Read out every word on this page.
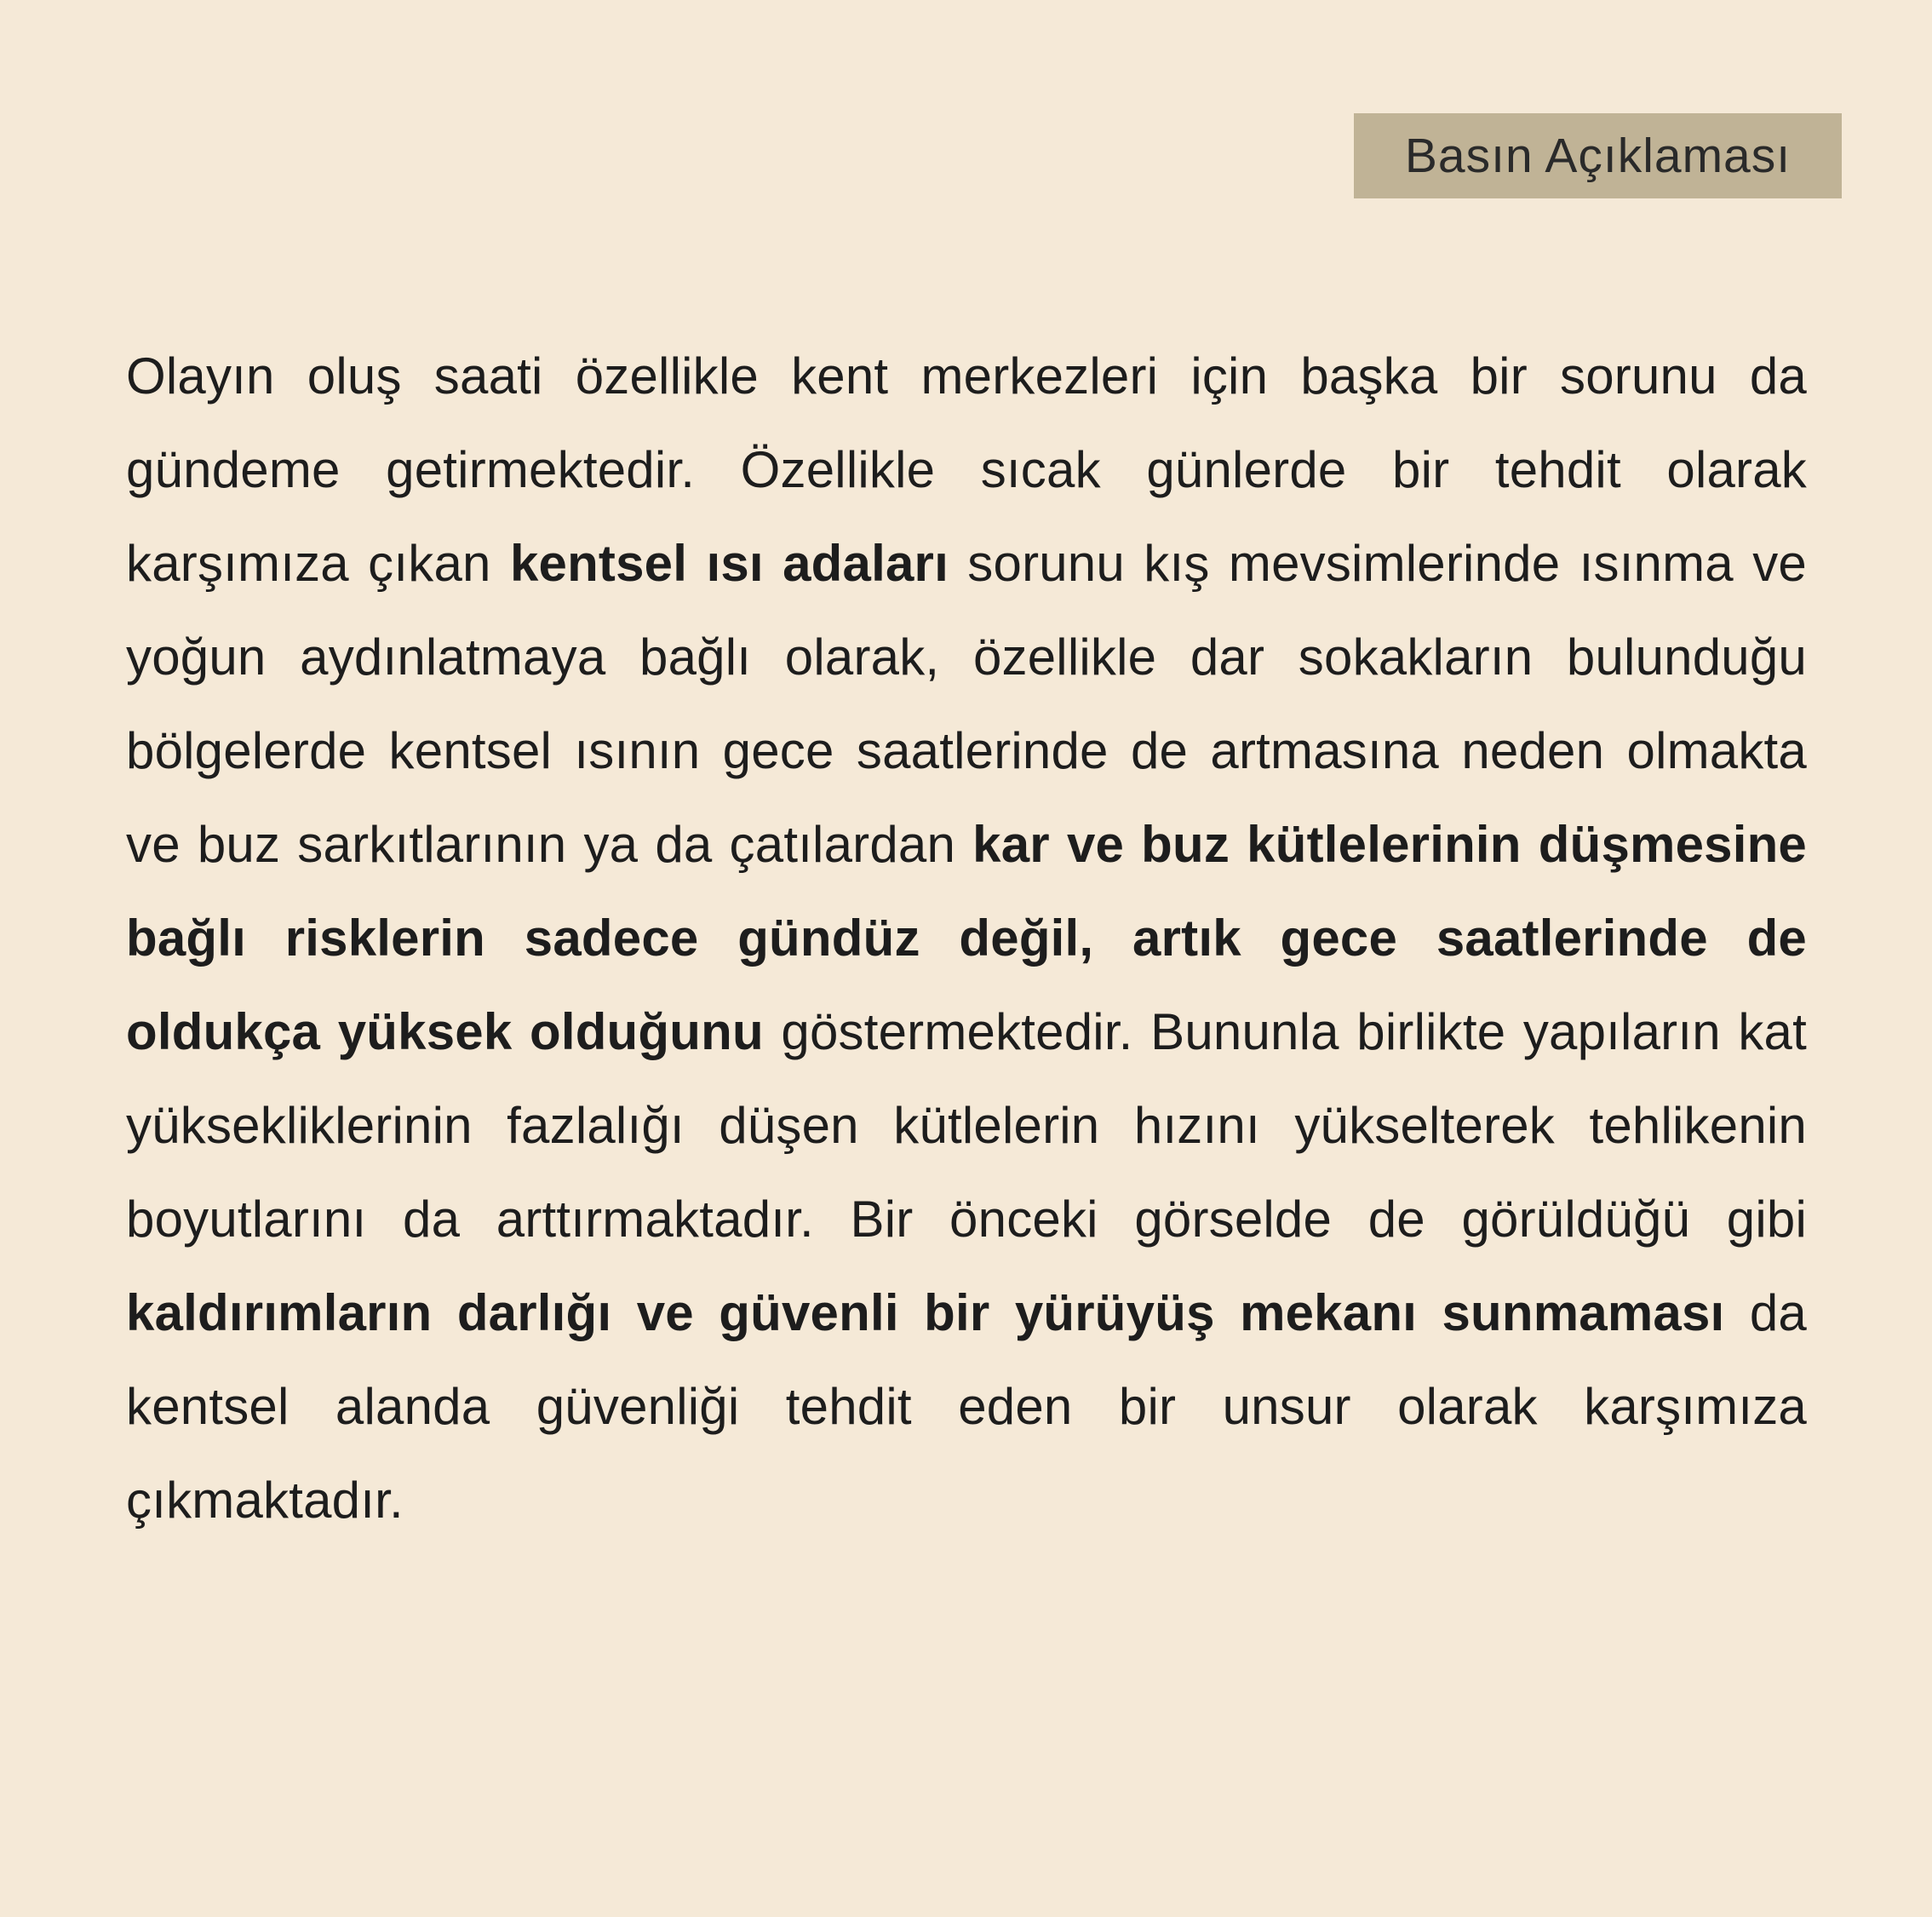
Basın Açıklaması

Olayın oluş saati özellikle kent merkezleri için başka bir sorunu da gündeme getirmektedir. Özellikle sıcak günlerde bir tehdit olarak karşımıza çıkan kentsel ısı adaları sorunu kış mevsimlerinde ısınma ve yoğun aydınlatmaya bağlı olarak, özellikle dar sokakların bulunduğu bölgelerde kentsel ısının gece saatlerinde de artmasına neden olmakta ve buz sarkıtlarının ya da çatılardan kar ve buz kütlelerinin düşmesine bağlı risklerin sadece gündüz değil, artık gece saatlerinde de oldukça yüksek olduğunu göstermektedir. Bununla birlikte yapıların kat yüksekliklerinin fazlalığı düşen kütlelerin hızını yükselterek tehlikenin boyutlarını da arttırmaktadır. Bir önceki görselde de görüldüğü gibi kaldırımların darlığı ve güvenli bir yürüyüş mekanı sunmaması da kentsel alanda güvenliği tehdit eden bir unsur olarak karşımıza çıkmaktadır.
